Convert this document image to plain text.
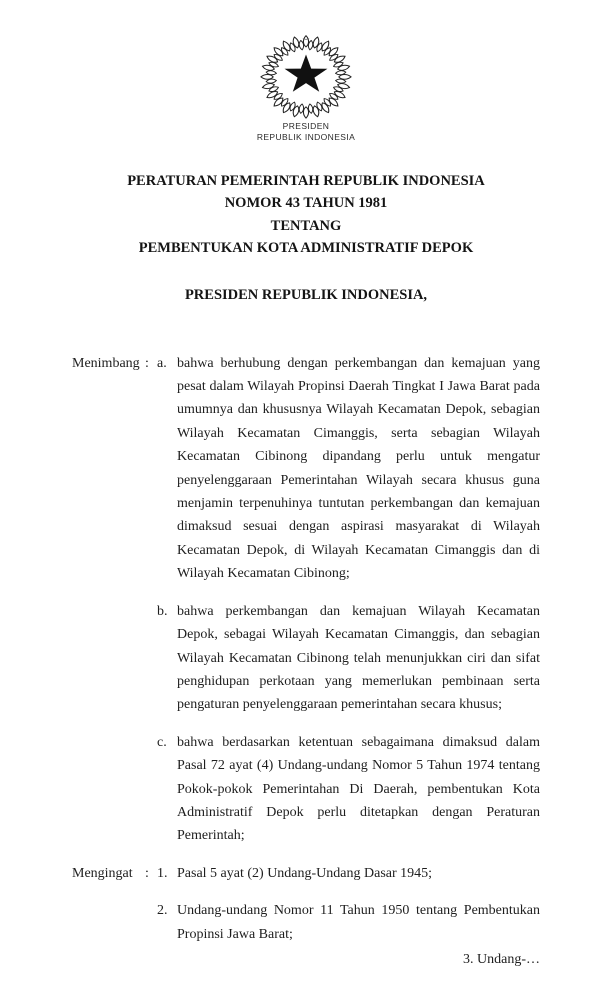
PRESIDEN
REPUBLIK INDONESIA
PERATURAN PEMERINTAH REPUBLIK INDONESIA
NOMOR 43 TAHUN 1981
TENTANG
PEMBENTUKAN KOTA ADMINISTRATIF DEPOK
PRESIDEN REPUBLIK INDONESIA,
Menimbang : a. bahwa berhubung dengan perkembangan dan kemajuan yang pesat dalam Wilayah Propinsi Daerah Tingkat I Jawa Barat pada umumnya dan khususnya Wilayah Kecamatan Depok, sebagian Wilayah Kecamatan Cimanggis, serta sebagian Wilayah Kecamatan Cibinong dipandang perlu untuk mengatur penyelenggaraan Pemerintahan Wilayah secara khusus guna menjamin terpenuhinya tuntutan perkembangan dan kemajuan dimaksud sesuai dengan aspirasi masyarakat di Wilayah Kecamatan Depok, di Wilayah Kecamatan Cimanggis dan di Wilayah Kecamatan Cibinong;
b. bahwa perkembangan dan kemajuan Wilayah Kecamatan Depok, sebagai Wilayah Kecamatan Cimanggis, dan sebagian Wilayah Kecamatan Cibinong telah menunjukkan ciri dan sifat penghidupan perkotaan yang memerlukan pembinaan serta pengaturan penyelenggaraan pemerintahan secara khusus;
c. bahwa berdasarkan ketentuan sebagaimana dimaksud dalam Pasal 72 ayat (4) Undang-undang Nomor 5 Tahun 1974 tentang Pokok-pokok Pemerintahan Di Daerah, pembentukan Kota Administratif Depok perlu ditetapkan dengan Peraturan Pemerintah;
Mengingat : 1. Pasal 5 ayat (2) Undang-Undang Dasar 1945;
2. Undang-undang Nomor 11 Tahun 1950 tentang Pembentukan Propinsi Jawa Barat;
3. Undang-…
